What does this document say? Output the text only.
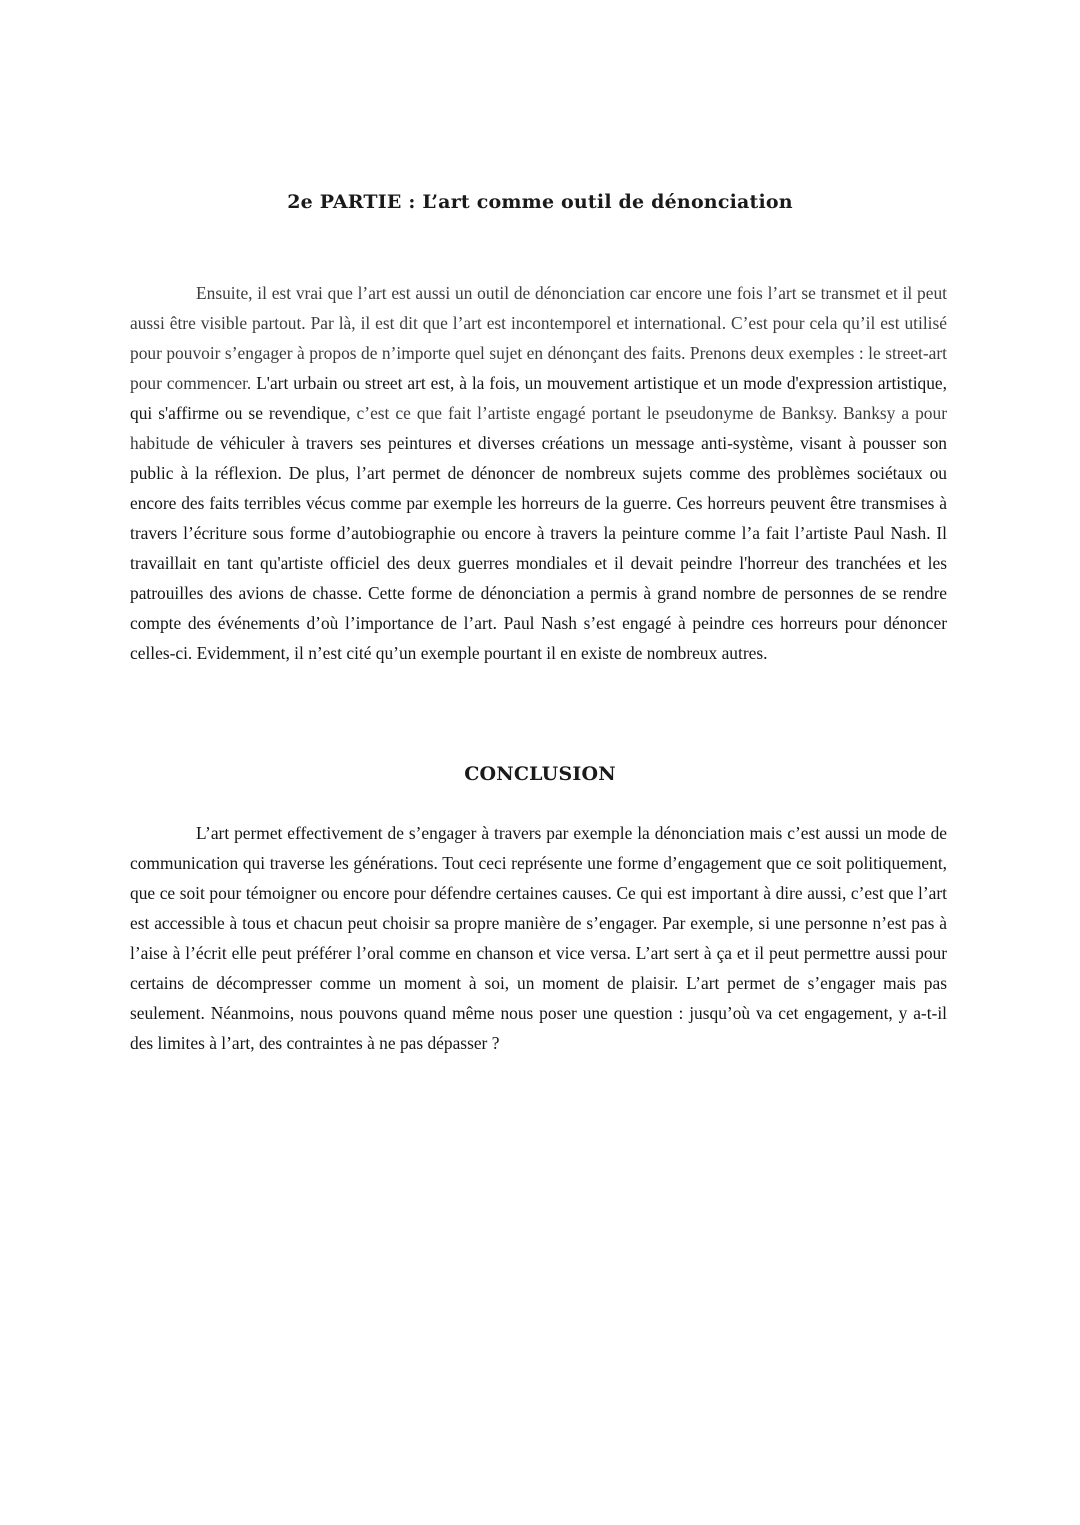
2e PARTIE : L’art comme outil de dénonciation

Ensuite, il est vrai que l’art est aussi un outil de dénonciation car encore une fois l’art se transmet et il peut aussi être visible partout. Par là, il est dit que l’art est incontemporel et international. C’est pour cela qu’il est utilisé pour pouvoir s’engager à propos de n’importe quel sujet en dénonçant des faits. Prenons deux exemples : le street-art pour commencer. L'art urbain ou street art est, à la fois, un mouvement artistique et un mode d'expression artistique, qui s'affirme ou se revendique, c’est ce que fait l’artiste engagé portant le pseudonyme de Banksy. Banksy a pour habitude de véhiculer à travers ses peintures et diverses créations un message anti-système, visant à pousser son public à la réflexion. De plus, l’art permet de dénoncer de nombreux sujets comme des problèmes sociétaux ou encore des faits terribles vécus comme par exemple les horreurs de la guerre. Ces horreurs peuvent être transmises à travers l’écriture sous forme d’autobiographie ou encore à travers la peinture comme l’a fait l’artiste Paul Nash. Il travaillait en tant qu'artiste officiel des deux guerres mondiales et il devait peindre l'horreur des tranchées et les patrouilles des avions de chasse. Cette forme de dénonciation a permis à grand nombre de personnes de se rendre compte des événements d’où l’importance de l’art. Paul Nash s’est engagé à peindre ces horreurs pour dénoncer celles-ci. Evidemment, il n’est cité qu’un exemple pourtant il en existe de nombreux autres.

CONCLUSION

L’art permet effectivement de s’engager à travers par exemple la dénonciation mais c’est aussi un mode de communication qui traverse les générations. Tout ceci représente une forme d’engagement que ce soit politiquement, que ce soit pour témoigner ou encore pour défendre certaines causes. Ce qui est important à dire aussi, c’est que l’art est accessible à tous et chacun peut choisir sa propre manière de s’engager. Par exemple, si une personne n’est pas à l’aise à l’écrit elle peut préférer l’oral comme en chanson et vice versa. L’art sert à ça et il peut permettre aussi pour certains de décompresser comme un moment à soi, un moment de plaisir. L’art permet de s’engager mais pas seulement. Néanmoins, nous pouvons quand même nous poser une question : jusqu’où va cet engagement, y a-t-il des limites à l’art, des contraintes à ne pas dépasser ?
